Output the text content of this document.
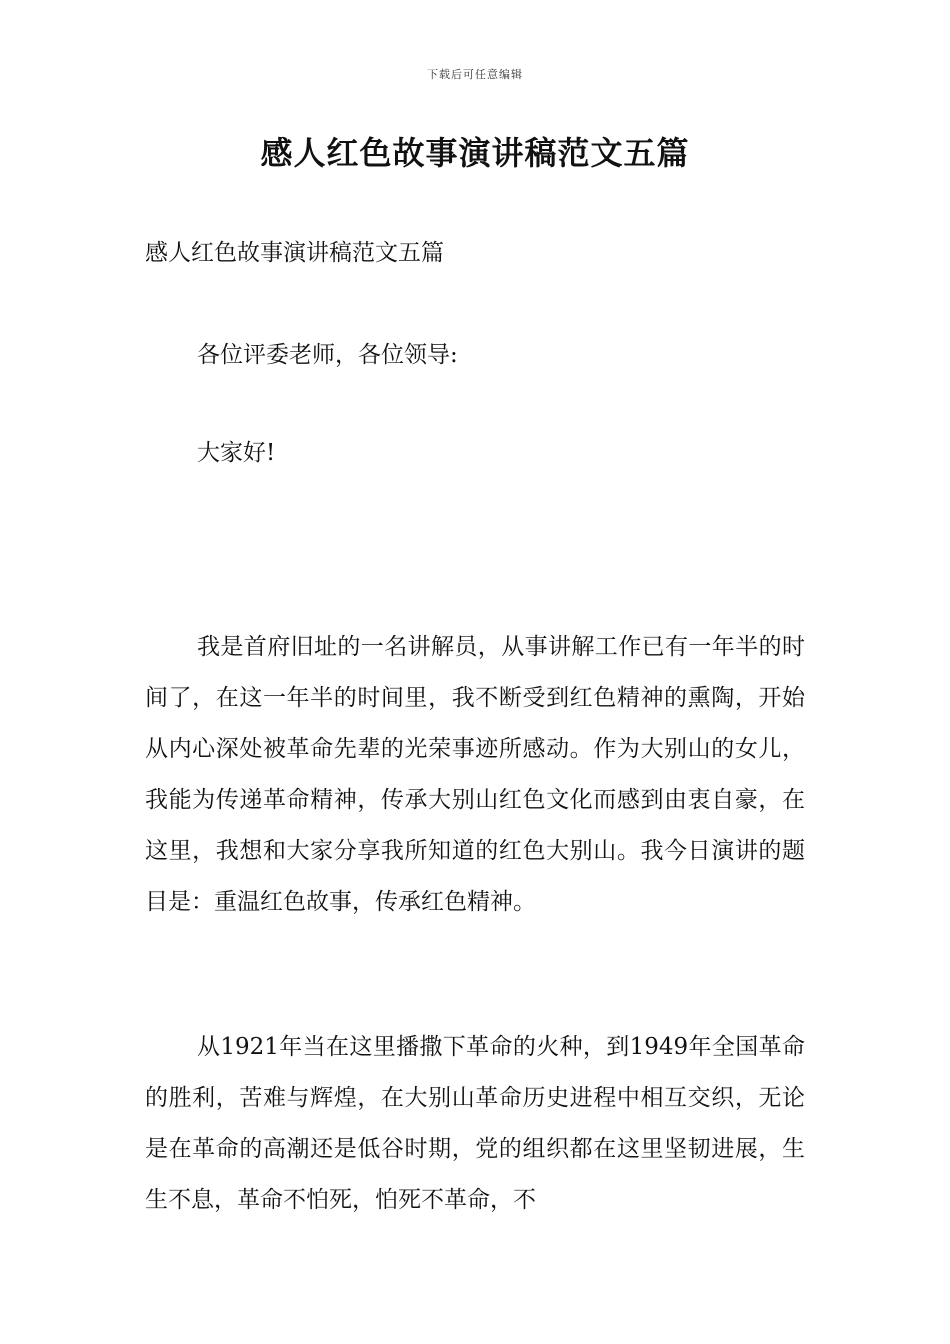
下载后可任意编辑
感人红色故事演讲稿范文五篇

感人红色故事演讲稿范文五篇

各位评委老师，各位领导:

大家好!

我是首府旧址的一名讲解员，从事讲解工作已有一年半的时间了，在这一年半的时间里，我不断受到红色精神的熏陶，开始从内心深处被革命先辈的光荣事迹所感动。作为大别山的女儿，我能为传递革命精神，传承大别山红色文化而感到由衷自豪，在这里，我想和大家分享我所知道的红色大别山。我今日演讲的题目是：重温红色故事，传承红色精神。

从1921年当在这里播撒下革命的火种，到1949年全国革命的胜利，苦难与辉煌，在大别山革命历史进程中相互交织，无论是在革命的高潮还是低谷时期，党的组织都在这里坚韧进展，生生不息，革命不怕死，怕死不革命，不
